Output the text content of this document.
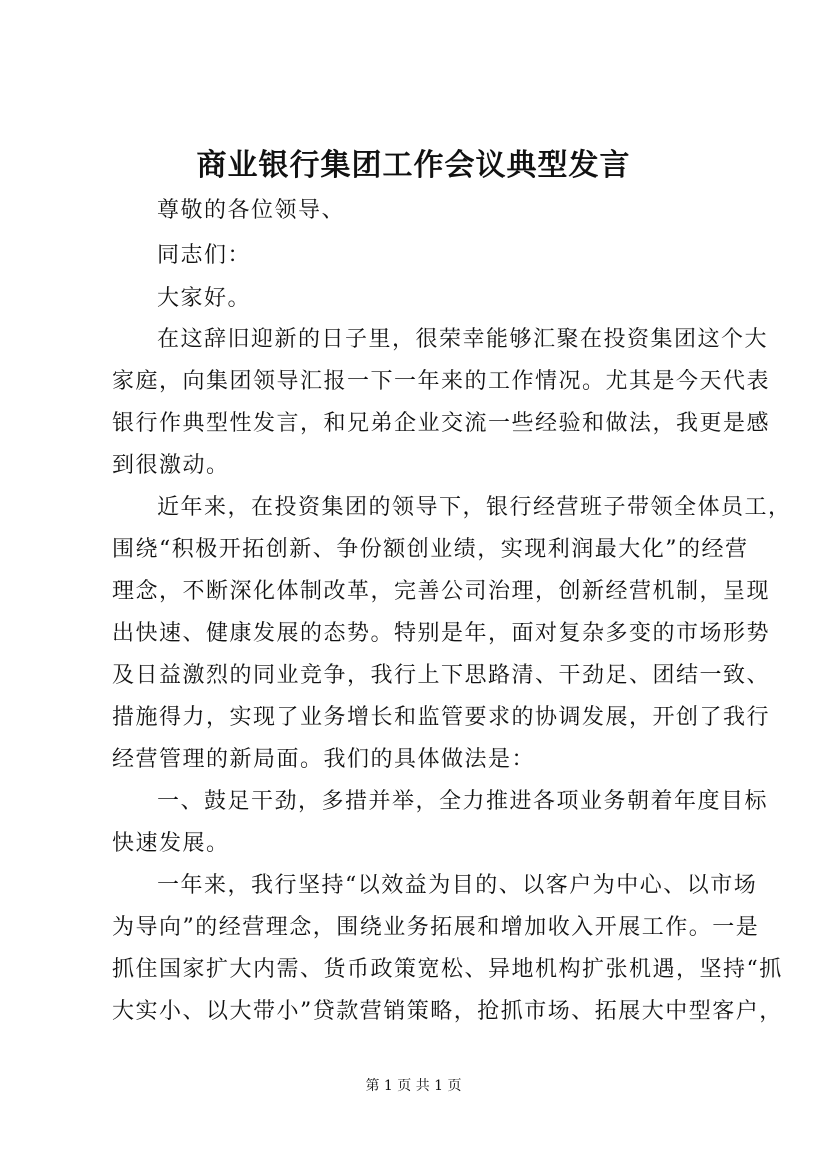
商业银行集团工作会议典型发言
尊敬的各位领导、
同志们：
大家好。
在这辞旧迎新的日子里，很荣幸能够汇聚在投资集团这个大
家庭，向集团领导汇报一下一年来的工作情况。尤其是今天代表
银行作典型性发言，和兄弟企业交流一些经验和做法，我更是感
到很激动。
近年来，在投资集团的领导下，银行经营班子带领全体员工，
围绕“积极开拓创新、争份额创业绩，实现利润最大化”的经营
理念，不断深化体制改革，完善公司治理，创新经营机制，呈现
出快速、健康发展的态势。特别是年，面对复杂多变的市场形势
及日益激烈的同业竞争，我行上下思路清、干劲足、团结一致、
措施得力，实现了业务增长和监管要求的协调发展，开创了我行
经营管理的新局面。我们的具体做法是：
一、鼓足干劲，多措并举，全力推进各项业务朝着年度目标
快速发展。
一年来，我行坚持“以效益为目的、以客户为中心、以市场
为导向”的经营理念，围绕业务拓展和增加收入开展工作。一是
抓住国家扩大内需、货币政策宽松、异地机构扩张机遇，坚持“抓
大实小、以大带小”贷款营销策略，抢抓市场、拓展大中型客户，
第 1 页 共 1 页
